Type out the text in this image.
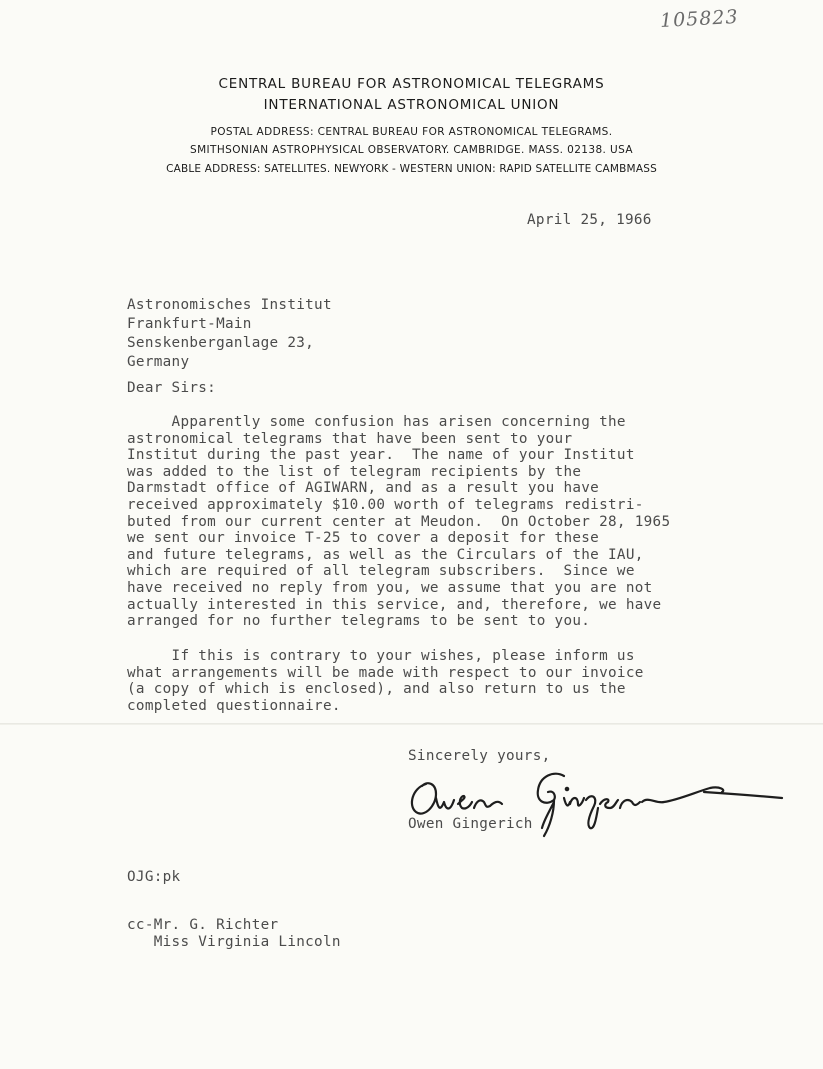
105823
CENTRAL BUREAU FOR ASTRONOMICAL TELEGRAMS
INTERNATIONAL ASTRONOMICAL UNION
POSTAL ADDRESS: CENTRAL BUREAU FOR ASTRONOMICAL TELEGRAMS.
SMITHSONIAN ASTROPHYSICAL OBSERVATORY. CAMBRIDGE. MASS. 02138. USA
CABLE ADDRESS: SATELLITES. NEWYORK - WESTERN UNION: RAPID SATELLITE CAMBMASS
April 25, 1966
Astronomisches Institut
Frankfurt-Main
Senskenberganlage 23,
Germany
Dear Sirs:
Apparently some confusion has arisen concerning the
astronomical telegrams that have been sent to your
Institut during the past year.  The name of your Institut
was added to the list of telegram recipients by the
Darmstadt office of AGIWARN, and as a result you have
received approximately $10.00 worth of telegrams redistri-
buted from our current center at Meudon.  On October 28, 1965
we sent our invoice T-25 to cover a deposit for these
and future telegrams, as well as the Circulars of the IAU,
which are required of all telegram subscribers.  Since we
have received no reply from you, we assume that you are not
actually interested in this service, and, therefore, we have
arranged for no further telegrams to be sent to you.
If this is contrary to your wishes, please inform us
what arrangements will be made with respect to our invoice
(a copy of which is enclosed), and also return to us the
completed questionnaire.
Sincerely yours,
Owen Gingerich
OJG:pk
cc-Mr. G. Richter
Miss Virginia Lincoln
